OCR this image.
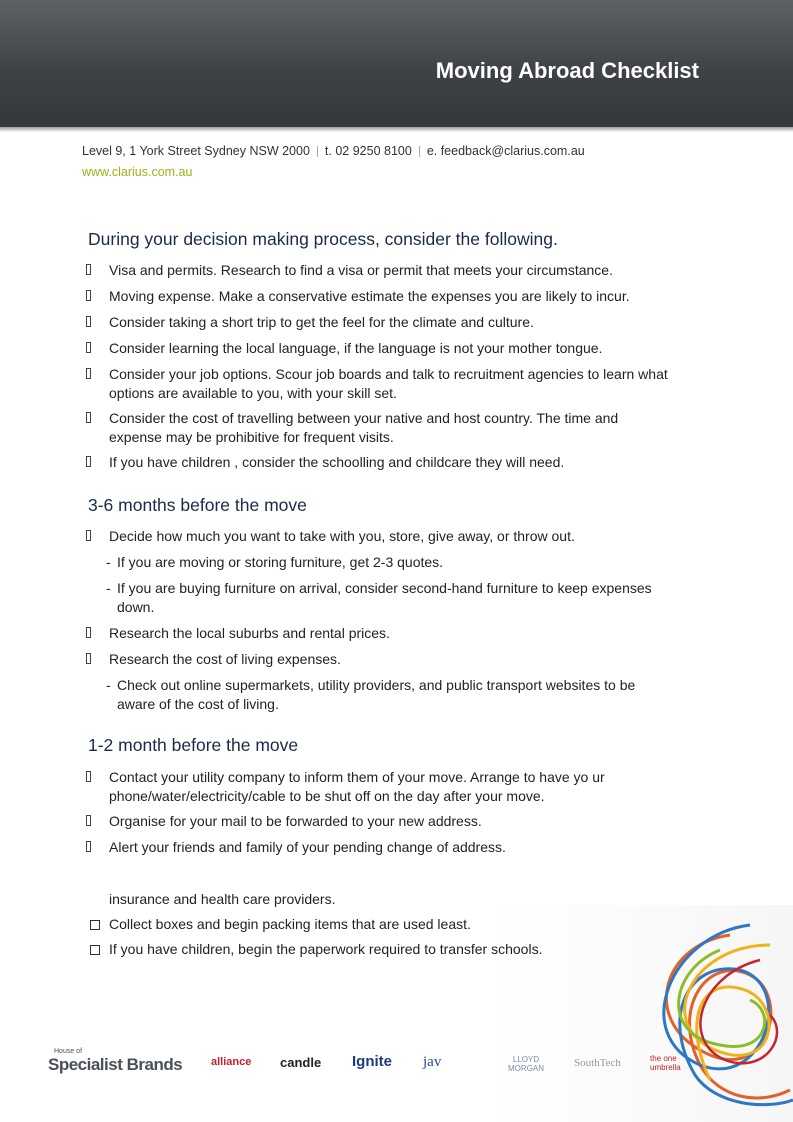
Moving Abroad Checklist
Level 9, 1 York Street Sydney NSW 2000 t. 02 9250 8100 e. feedback@clarius.com.au
www.clarius.com.au
During your decision making process, consider the following.
Visa and permits. Research to find a visa or permit that meets your circumstance.
Moving expense. Make a conservative estimate the expenses you are likely to incur.
Consider taking a short trip to get the feel for the climate and culture.
Consider learning the local language, if the language is not your mother tongue.
Consider your job options. Scour job boards and talk to recruitment agencies to learn what options are available to you, with your skill set.
Consider the cost of travelling between your native and host country. The time and expense may be prohibitive for frequent visits.
If you have children , consider the schoolling and childcare they will need.
3-6 months before the move
Decide how much you want to take with you, store, give away, or throw out.
- If you are moving or storing furniture, get 2-3 quotes.
- If you are buying furniture on arrival, consider second-hand furniture to keep expenses down.
Research the local suburbs and rental prices.
Research the cost of living expenses.
- Check out online supermarkets, utility providers, and public transport websites to be aware of the cost of living.
1-2 month before the move
Contact your utility company to inform them of your move. Arrange to have yo ur phone/water/electricity/cable to be shut off on the day after your move.
Organise for your mail to be forwarded to your new address.
Alert your friends and family of your pending change of address.
insurance and health care providers.
Collect boxes and begin packing items that are used least.
If you have children, begin the paperwork required to transfer schools.
House of
Specialist Brands	alliance candle Ignite jav	LLOYD MORGAN	SouthTech	the one umbrella
